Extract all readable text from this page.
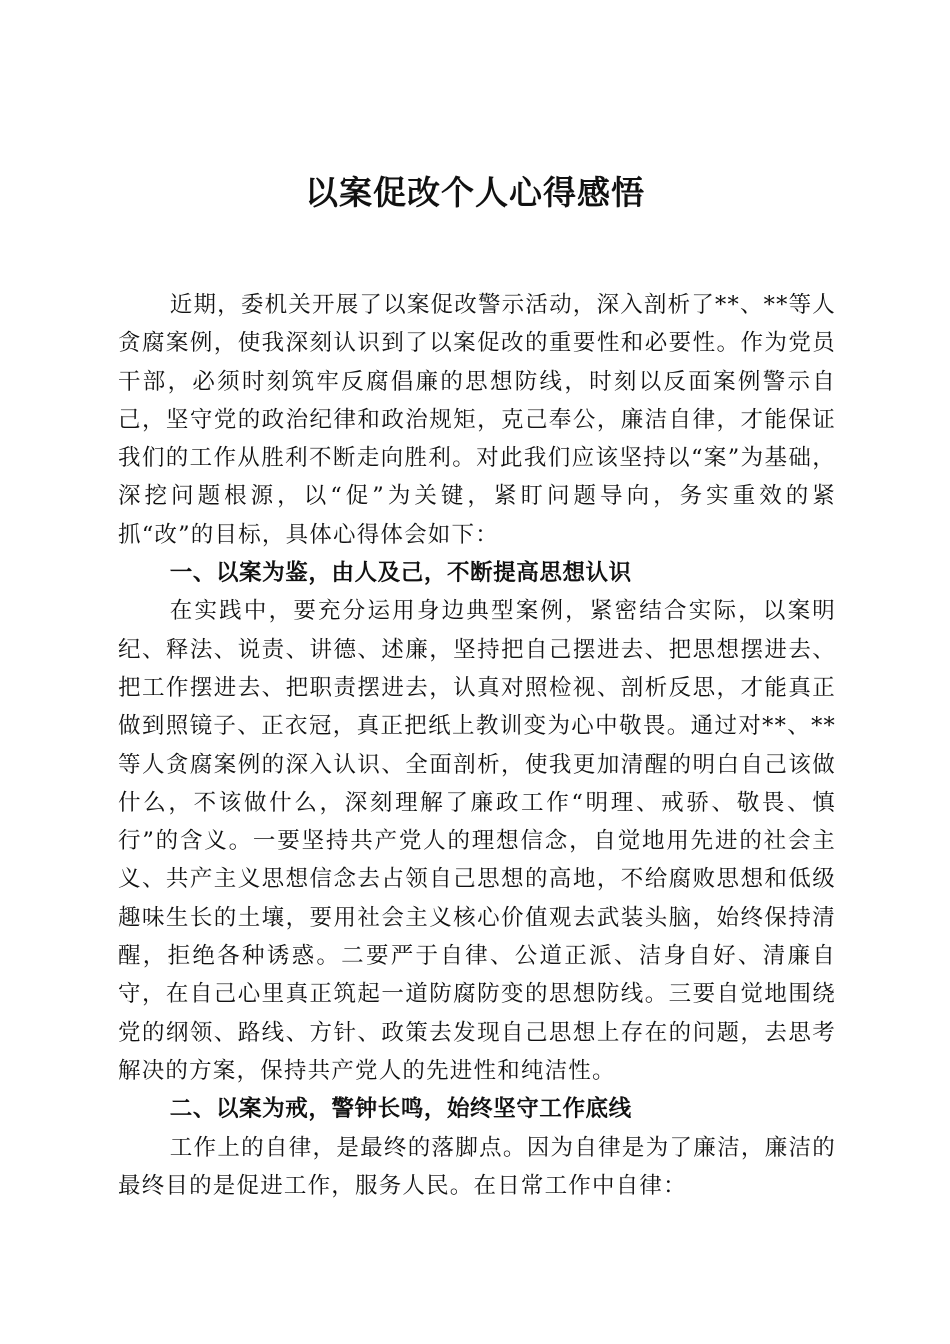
以案促改个人心得感悟

近期，委机关开展了以案促改警示活动，深入剖析了**、**等人贪腐案例，使我深刻认识到了以案促改的重要性和必要性。作为党员干部，必须时刻筑牢反腐倡廉的思想防线，时刻以反面案例警示自己，坚守党的政治纪律和政治规矩，克己奉公，廉洁自律，才能保证我们的工作从胜利不断走向胜利。对此我们应该坚持以“案”为基础，深挖问题根源，以“促”为关键，紧盯问题导向，务实重效的紧抓“改”的目标，具体心得体会如下：

一、以案为鉴，由人及己，不断提高思想认识

在实践中，要充分运用身边典型案例，紧密结合实际，以案明纪、释法、说责、讲德、述廉，坚持把自己摆进去、把思想摆进去、把工作摆进去、把职责摆进去，认真对照检视、剖析反思，才能真正做到照镜子、正衣冠，真正把纸上教训变为心中敬畏。通过对**、**等人贪腐案例的深入认识、全面剖析，使我更加清醒的明白自己该做什么，不该做什么，深刻理解了廉政工作“明理、戒骄、敬畏、慎行”的含义。一要坚持共产党人的理想信念，自觉地用先进的社会主义、共产主义思想信念去占领自己思想的高地，不给腐败思想和低级趣味生长的土壤，要用社会主义核心价值观去武装头脑，始终保持清醒，拒绝各种诱惑。二要严于自律、公道正派、洁身自好、清廉自守，在自己心里真正筑起一道防腐防变的思想防线。三要自觉地围绕党的纲领、路线、方针、政策去发现自己思想上存在的问题，去思考解决的方案，保持共产党人的先进性和纯洁性。

二、以案为戒，警钟长鸣，始终坚守工作底线

工作上的自律，是最终的落脚点。因为自律是为了廉洁，廉洁的最终目的是促进工作，服务人民。在日常工作中自律：
